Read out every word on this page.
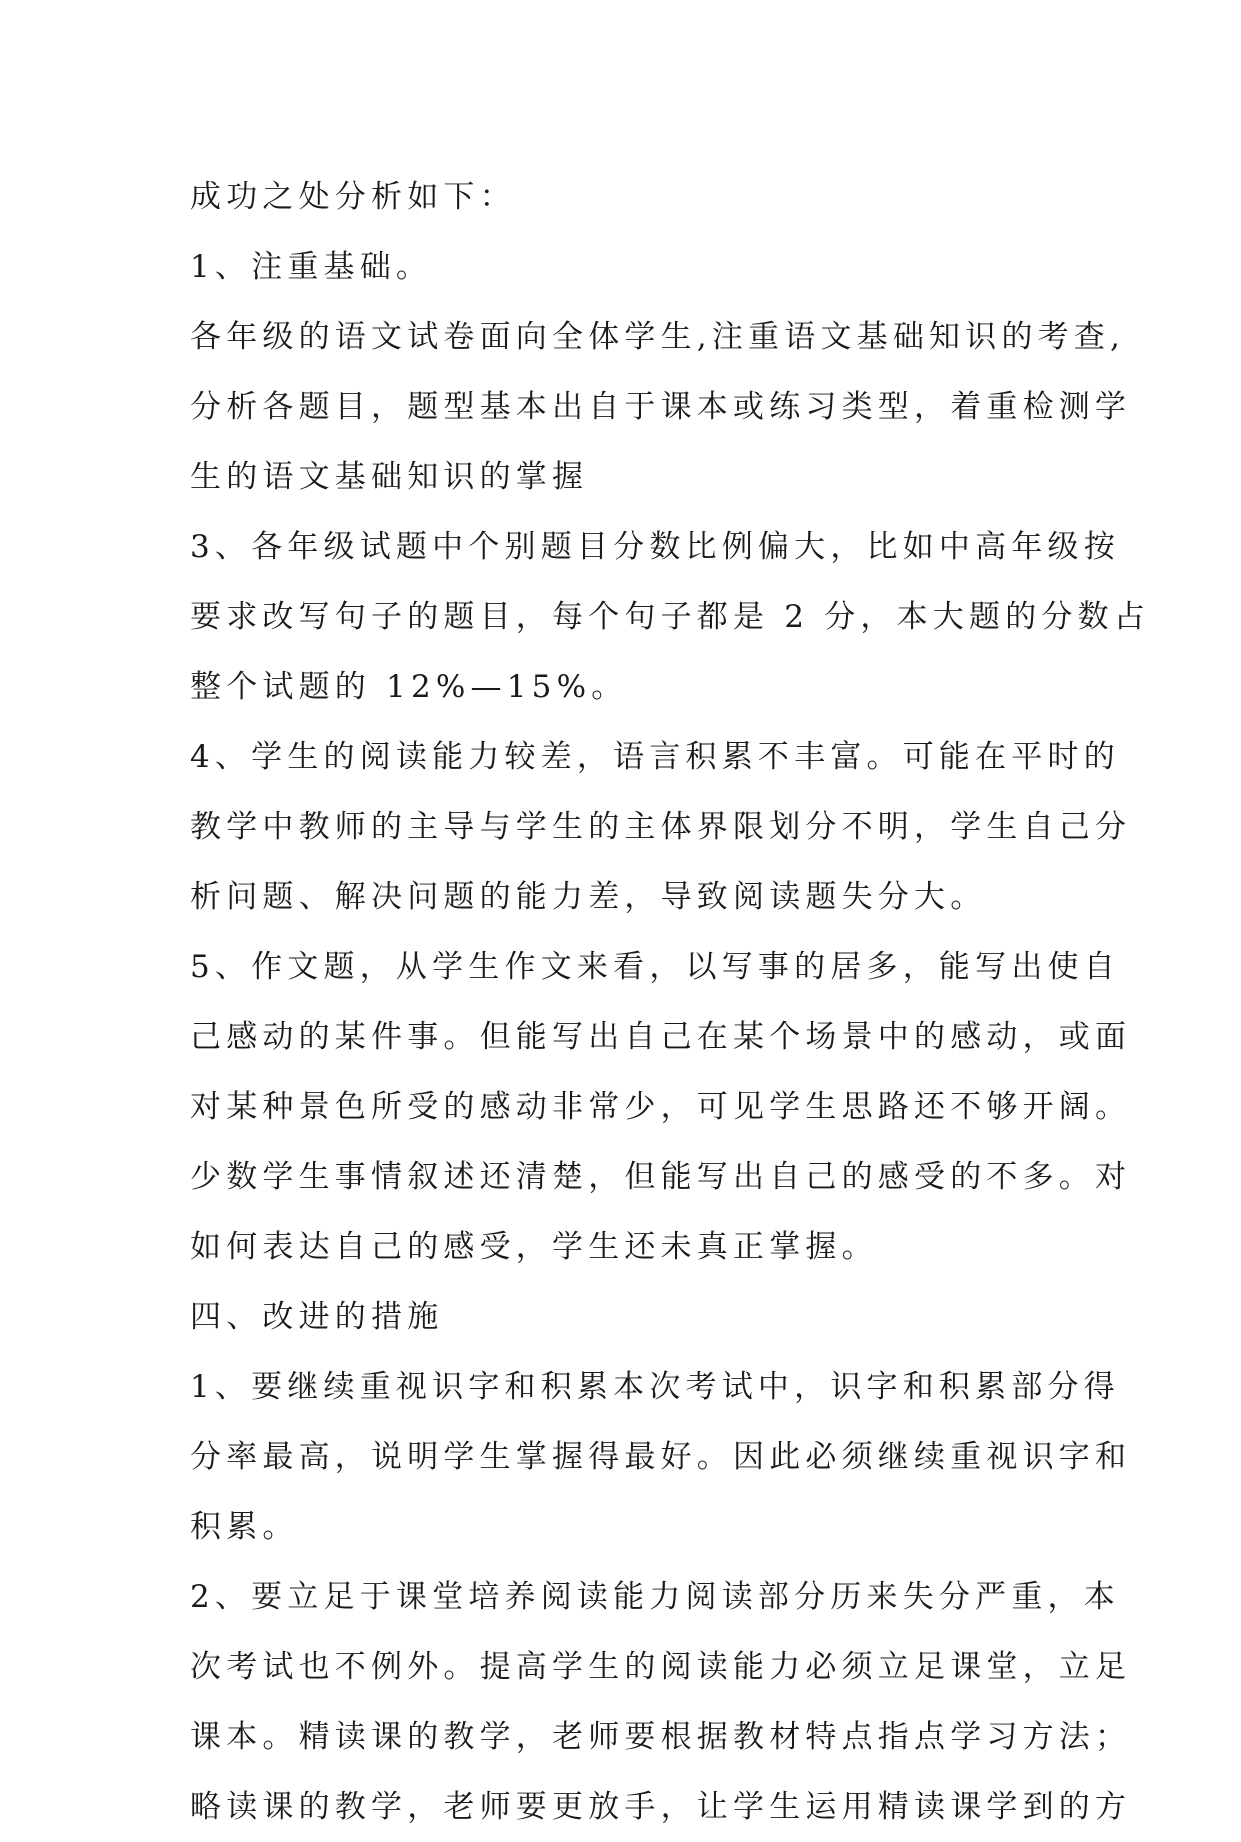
成功之处分析如下：
1、注重基础。
各年级的语文试卷面向全体学生,注重语文基础知识的考查,
分析各题目，题型基本出自于课本或练习类型，着重检测学
生的语文基础知识的掌握
3、各年级试题中个别题目分数比例偏大，比如中高年级按
要求改写句子的题目，每个句子都是 2 分，本大题的分数占
整个试题的 12%—15%。
4、学生的阅读能力较差，语言积累不丰富。可能在平时的
教学中教师的主导与学生的主体界限划分不明，学生自己分
析问题、解决问题的能力差，导致阅读题失分大。
5、作文题，从学生作文来看，以写事的居多，能写出使自
己感动的某件事。但能写出自己在某个场景中的感动，或面
对某种景色所受的感动非常少，可见学生思路还不够开阔。
少数学生事情叙述还清楚，但能写出自己的感受的不多。对
如何表达自己的感受，学生还未真正掌握。
四、改进的措施
1、要继续重视识字和积累本次考试中，识字和积累部分得
分率最高，说明学生掌握得最好。因此必须继续重视识字和
积累。
2、要立足于课堂培养阅读能力阅读部分历来失分严重，本
次考试也不例外。提高学生的阅读能力必须立足课堂，立足
课本。精读课的教学，老师要根据教材特点指点学习方法；
略读课的教学，老师要更放手，让学生运用精读课学到的方
